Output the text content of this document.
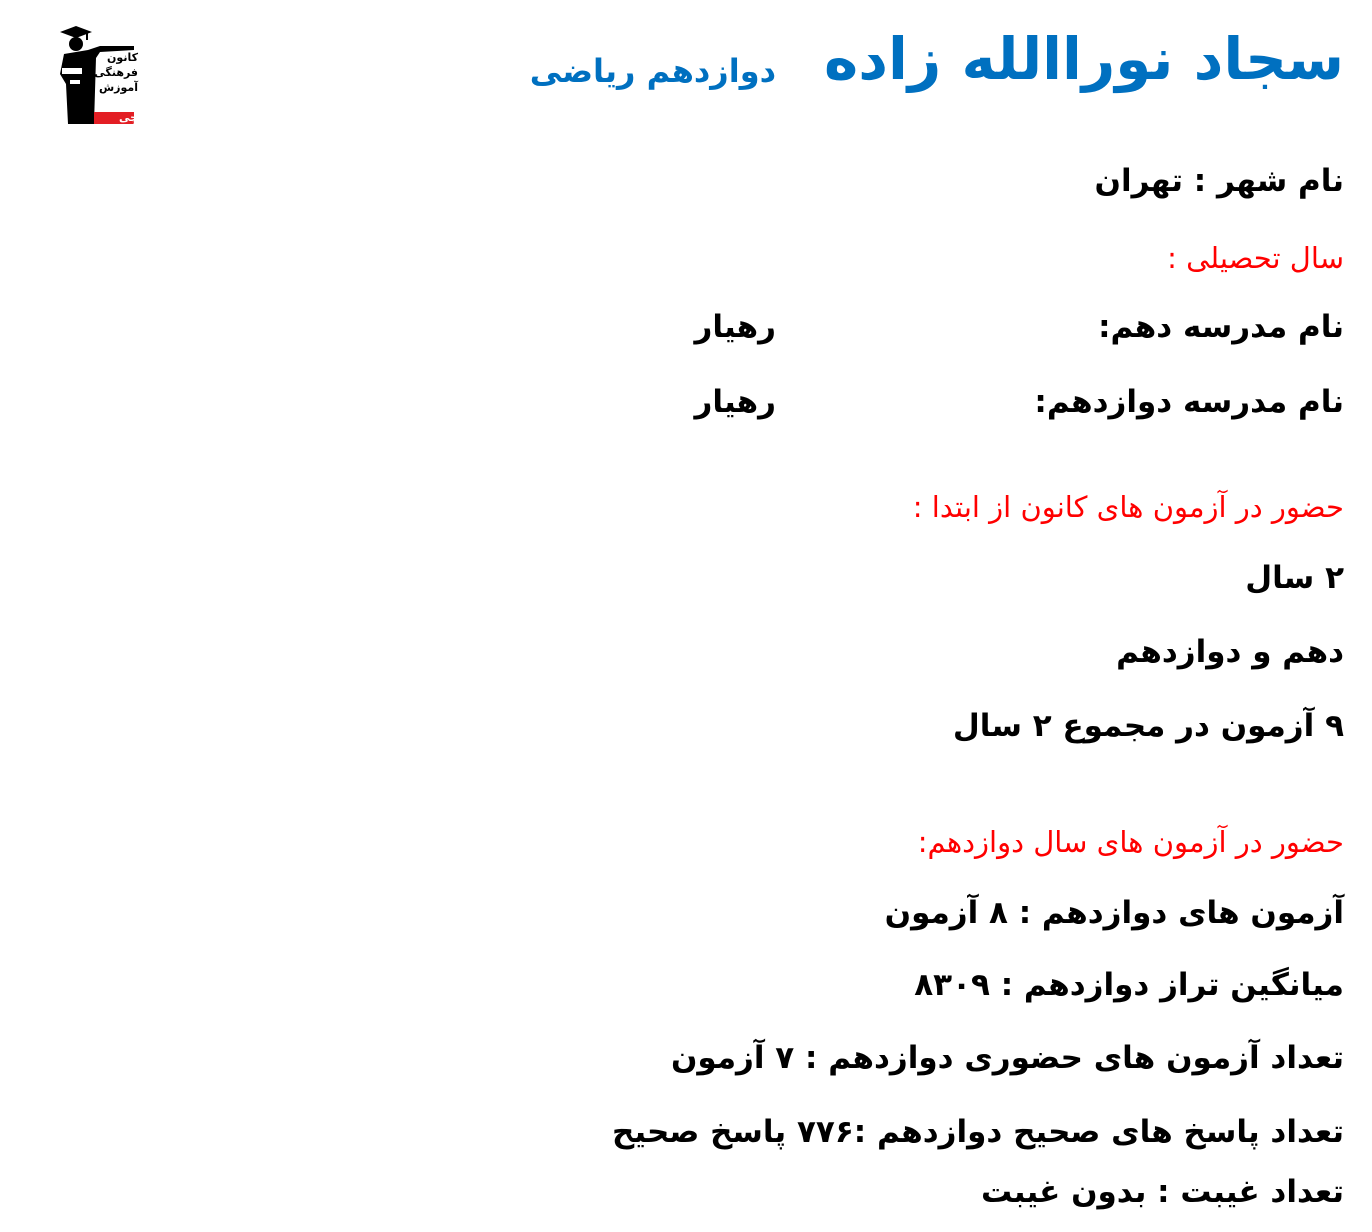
کانون
فرهنگی
آموزش
قلم چی
سجاد نوراالله زاده
دوازدهم ریاضی
نام شهر : تهران
سال تحصیلی :
نام مدرسه دهم:
رهیار
نام مدرسه دوازدهم:
رهیار
حضور در آزمون های کانون از ابتدا :
۲ سال
دهم و دوازدهم
۹ آزمون در مجموع ۲ سال
حضور در آزمون های سال دوازدهم:
آزمون های دوازدهم : ۸ آزمون
میانگین تراز دوازدهم : ۸۳۰۹
تعداد آزمون های حضوری دوازدهم : ۷ آزمون
تعداد پاسخ های صحیح دوازدهم :۷۷۶ پاسخ صحیح
تعداد غیبت : بدون غیبت
